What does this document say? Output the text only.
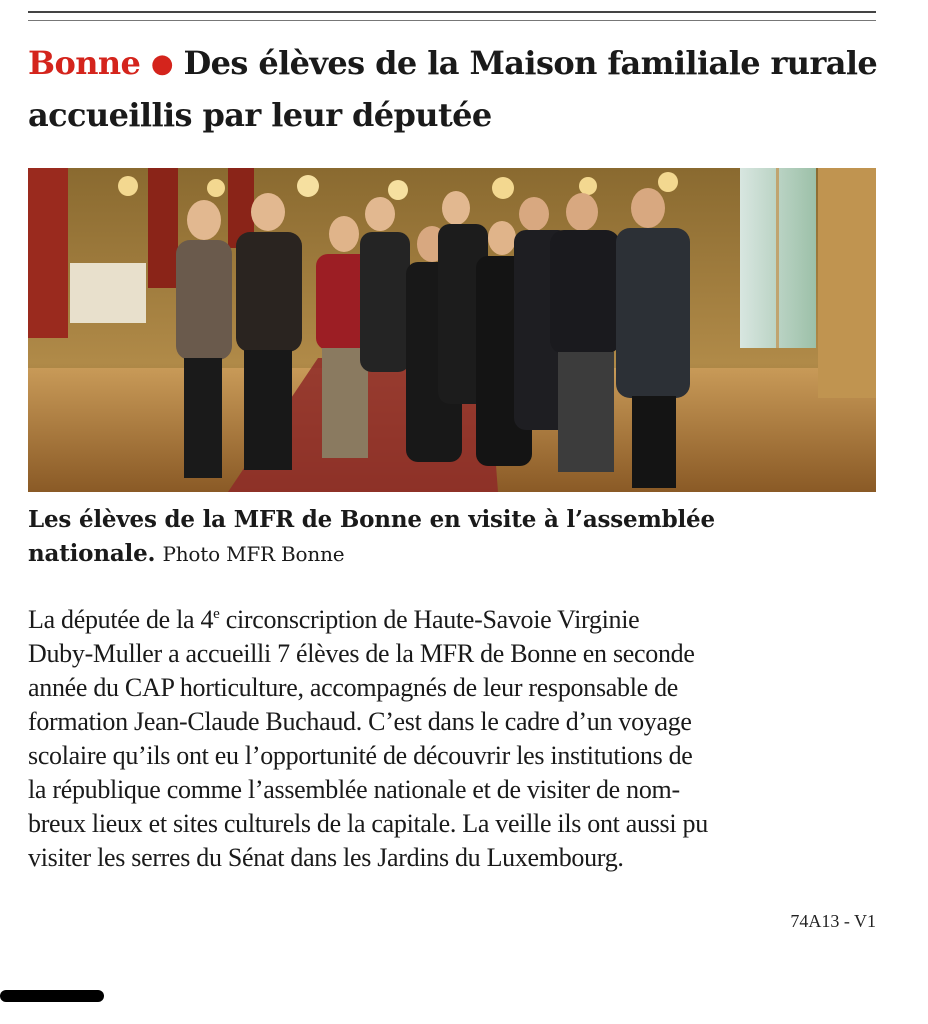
Bonne ● Des élèves de la Maison familiale rurale
accueillis par leur députée
Les élèves de la MFR de Bonne en visite à l’assemblée
nationale. Photo MFR Bonne
La députée de la 4e circonscription de Haute-Savoie Virginie
Duby-Muller a accueilli 7 élèves de la MFR de Bonne en seconde
année du CAP horticulture, accompagnés de leur responsable de
formation Jean-Claude Buchaud. C’est dans le cadre d’un voyage
scolaire qu’ils ont eu l’opportunité de découvrir les institutions de
la république comme l’assemblée nationale et de visiter de nom-
breux lieux et sites culturels de la capitale. La veille ils ont aussi pu
visiter les serres du Sénat dans les Jardins du Luxembourg.
74A13 - V1
